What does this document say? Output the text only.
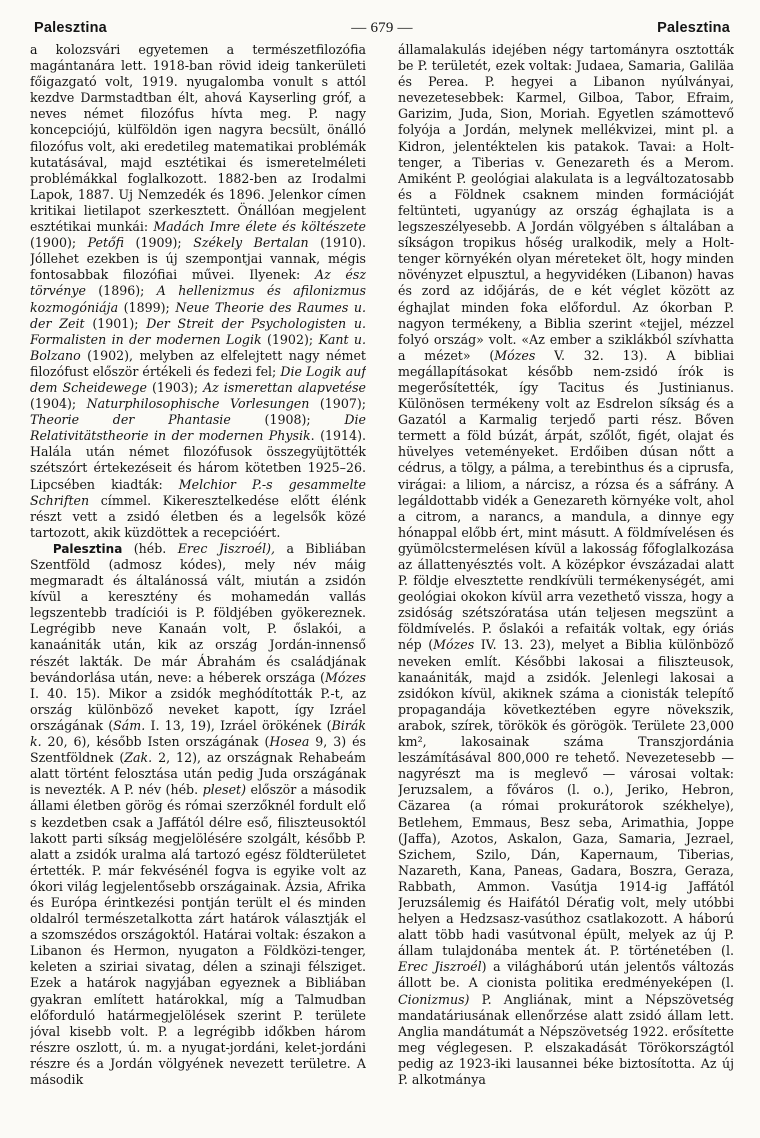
Palesztina	— 679 —	Palesztina

a kolozsvári egyetemen a természetfilozófia magántanára lett. 1918-ban rövid ideig tankerületi főigazgató volt, 1919. nyugalomba vonult s attól kezdve Darmstadtban élt, ahová Kayserling gróf, a neves német filozófus hívta meg. P. nagy koncepciójú, külföldön igen nagyra becsült, önálló filozófus volt, aki eredetileg matematikai problémák kutatásával, majd esztétikai és ismeretelméleti problémákkal foglalkozott. 1882-ben az Irodalmi Lapok, 1887. Uj Nemzedék és 1896. Jelenkor címen kritikai lietilapot szerkesztett. Önállóan megjelent esztétikai munkái: Madách Imre élete és költészete (1900); Petőfi (1909); Székely Bertalan (1910). Jóllehet ezekben is új szempontjai vannak, mégis fontosabbak filozófiai művei. Ilyenek: Az ész törvénye (1896); A hellenizmus és afilonizmus kozmogóniája (1899); Neue Theorie des Raumes u. der Zeit (1901); Der Streit der Psychologisten u. Formalisten in der modernen Logik (1902); Kant u. Bolzano (1902), melyben az elfelejtett nagy német filozófust először értékeli és fedezi fel; Die Logik auf dem Scheidewege (1903); Az ismerettan alapvetése (1904); Naturphilosophische Vorlesungen (1907); Theorie der Phantasie (1908); Die Relativitätstheorie in der modernen Physik. (1914). Halála után német filozófusok összegyüjtötték szétszórt értekezéseit és három kötetben 1925–26. Lipcsében kiadták: Melchior P.-s gesammelte Schriften címmel. Kikeresztelkedése előtt élénk részt vett a zsidó életben és a legelsők közé tartozott, akik küzdöttek a recepcióért.

Palesztina (héb. Erec Jiszroél), a Bibliában Szentföld (admosz kódes), mely név máig megmaradt és általánossá vált, miután a zsidón kívül a keresztény és mohamedán vallás legszentebb tradíciói is P. földjében gyökereznek. Legrégibb neve Kanaán volt, P. őslakói, a kanaániták után, kik az ország Jordán-innenső részét lakták. De már Ábrahám és családjának bevándorlása után, neve: a héberek országa (Mózes I. 40. 15). Mikor a zsidók meghódították P.-t, az ország különböző neveket kapott, így Izráel országának (Sám. I. 13, 19), Izráel örökének (Birák k. 20, 6), később Isten országának (Hosea 9, 3) és Szentföldnek (Zak. 2, 12), az országnak Rehabeám alatt történt felosztása után pedig Juda országának is nevezték. A P. név (héb. pleset) először a második állami életben görög és római szerzőknél fordult elő s kezdetben csak a Jaffától délre eső, filiszteusoktól lakott parti síkság megjelölésére szolgált, később P. alatt a zsidók uralma alá tartozó egész földterületet értették. P. már fekvésénél fogva is egyike volt az ókori világ legjelentősebb országainak. Ázsia, Afrika és Európa érintkezési pontján terült el és minden oldalról természetalkotta zárt határok választják el a szomszédos országoktól. Határai voltak: északon a Libanon és Hermon, nyugaton a Földközi-tenger, keleten a sziriai sivatag, délen a szinaji félsziget. Ezek a határok nagyjában egyeznek a Bibliában gyakran említett határokkal, míg a Talmudban előforduló határmegjelölések szerint P. területe jóval kisebb volt. P. a legrégibb időkben három részre oszlott, ú. m. a nyugat-jordáni, kelet-jordáni részre és a Jordán völgyének nevezett területre. A második

államalakulás idejében négy tartományra osztották be P. területét, ezek voltak: Judaea, Samaria, Galiläa és Perea. P. hegyei a Libanon nyúlványai, nevezetesebbek: Karmel, Gilboa, Tabor, Efraim, Garizim, Juda, Sion, Moriah. Egyetlen számottevő folyója a Jordán, melynek mellékvizei, mint pl. a Kidron, jelentéktelen kis patakok. Tavai: a Holt-tenger, a Tiberias v. Genezareth és a Merom. Amiként P. geológiai alakulata is a legváltozatosabb és a Földnek csaknem minden formációját feltünteti, ugyanúgy az ország éghajlata is a legszeszélyesebb. A Jordán völgyében s általában a síkságon tropikus hőség uralkodik, mely a Holt-tenger környékén olyan méreteket ölt, hogy minden növényzet elpusztul, a hegyvidéken (Libanon) havas és zord az időjárás, de e két véglet között az éghajlat minden foka előfordul. Az ókorban P. nagyon termékeny, a Biblia szerint «tejjel, mézzel folyó ország» volt. «Az ember a sziklákból szívhatta a mézet» (Mózes V. 32. 13). A bibliai megállapításokat később nem-zsidó írók is megerősítették, így Tacitus és Justinianus. Különösen termékeny volt az Esdrelon síkság és a Gazatól a Karmalig terjedő parti rész. Bőven termett a föld búzát, árpát, szőlőt, figét, olajat és hüvelyes veteményeket. Erdőiben dúsan nőtt a cédrus, a tölgy, a pálma, a terebinthus és a ciprusfa, virágai: a liliom, a nárcisz, a rózsa és a sáfrány. A legáldottabb vidék a Genezareth környéke volt, ahol a citrom, a narancs, a mandula, a dinnye egy hónappal előbb ért, mint másutt. A földmívelésen és gyümölcstermelésen kívül a lakosság főfoglalkozása az állattenyésztés volt. A középkor évszázadai alatt P. földje elvesztette rendkívüli termékenységét, ami geológiai okokon kívül arra vezethető vissza, hogy a zsidóság szétszóratása után teljesen megszünt a földmívelés. P. őslakói a refaiták voltak, egy óriás nép (Mózes IV. 13. 23), melyet a Biblia különböző neveken említ. Későbbi lakosai a filiszteusok, kanaániták, majd a zsidók. Jelenlegi lakosai a zsidókon kívül, akiknek száma a cionisták telepítő propagandája következtében egyre növekszik, arabok, szírek, törökök és görögök. Területe 23,000 km², lakosainak száma Transzjordánia leszámításával 800,000 re tehető. Nevezetesebb — nagyrészt ma is meglevő — városai voltak: Jeruzsalem, a főváros (l. o.), Jeriko, Hebron, Cäzarea (a római prokurátorok székhelye), Betlehem, Emmaus, Besz seba, Arimathia, Joppe (Jaffa), Azotos, Askalon, Gaza, Samaria, Jezrael, Szichem, Szilo, Dán, Kapernaum, Tiberias, Nazareth, Kana, Paneas, Gadara, Boszra, Geraza, Rabbath, Ammon. Vasútja 1914-ig Jaffától Jeruzsálemig és Haifától Déraťig volt, mely utóbbi helyen a Hedzsasz-vasúthoz csatlakozott. A háború alatt több hadi vasútvonal épült, melyek az új P. állam tulajdonába mentek át. P. történetében (l. Erec Jiszroél) a világháború után jelentős változás állott be. A cionista politika eredményeképen (l. Cionizmus) P. Angliának, mint a Népszövetség mandatáriusának ellenőrzése alatt zsidó állam lett. Anglia mandátumát a Népszövetség 1922. erősítette meg véglegesen. P. elszakadását Törökországtól pedig az 1923-iki lausannei béke biztosította. Az új P. alkotmánya
